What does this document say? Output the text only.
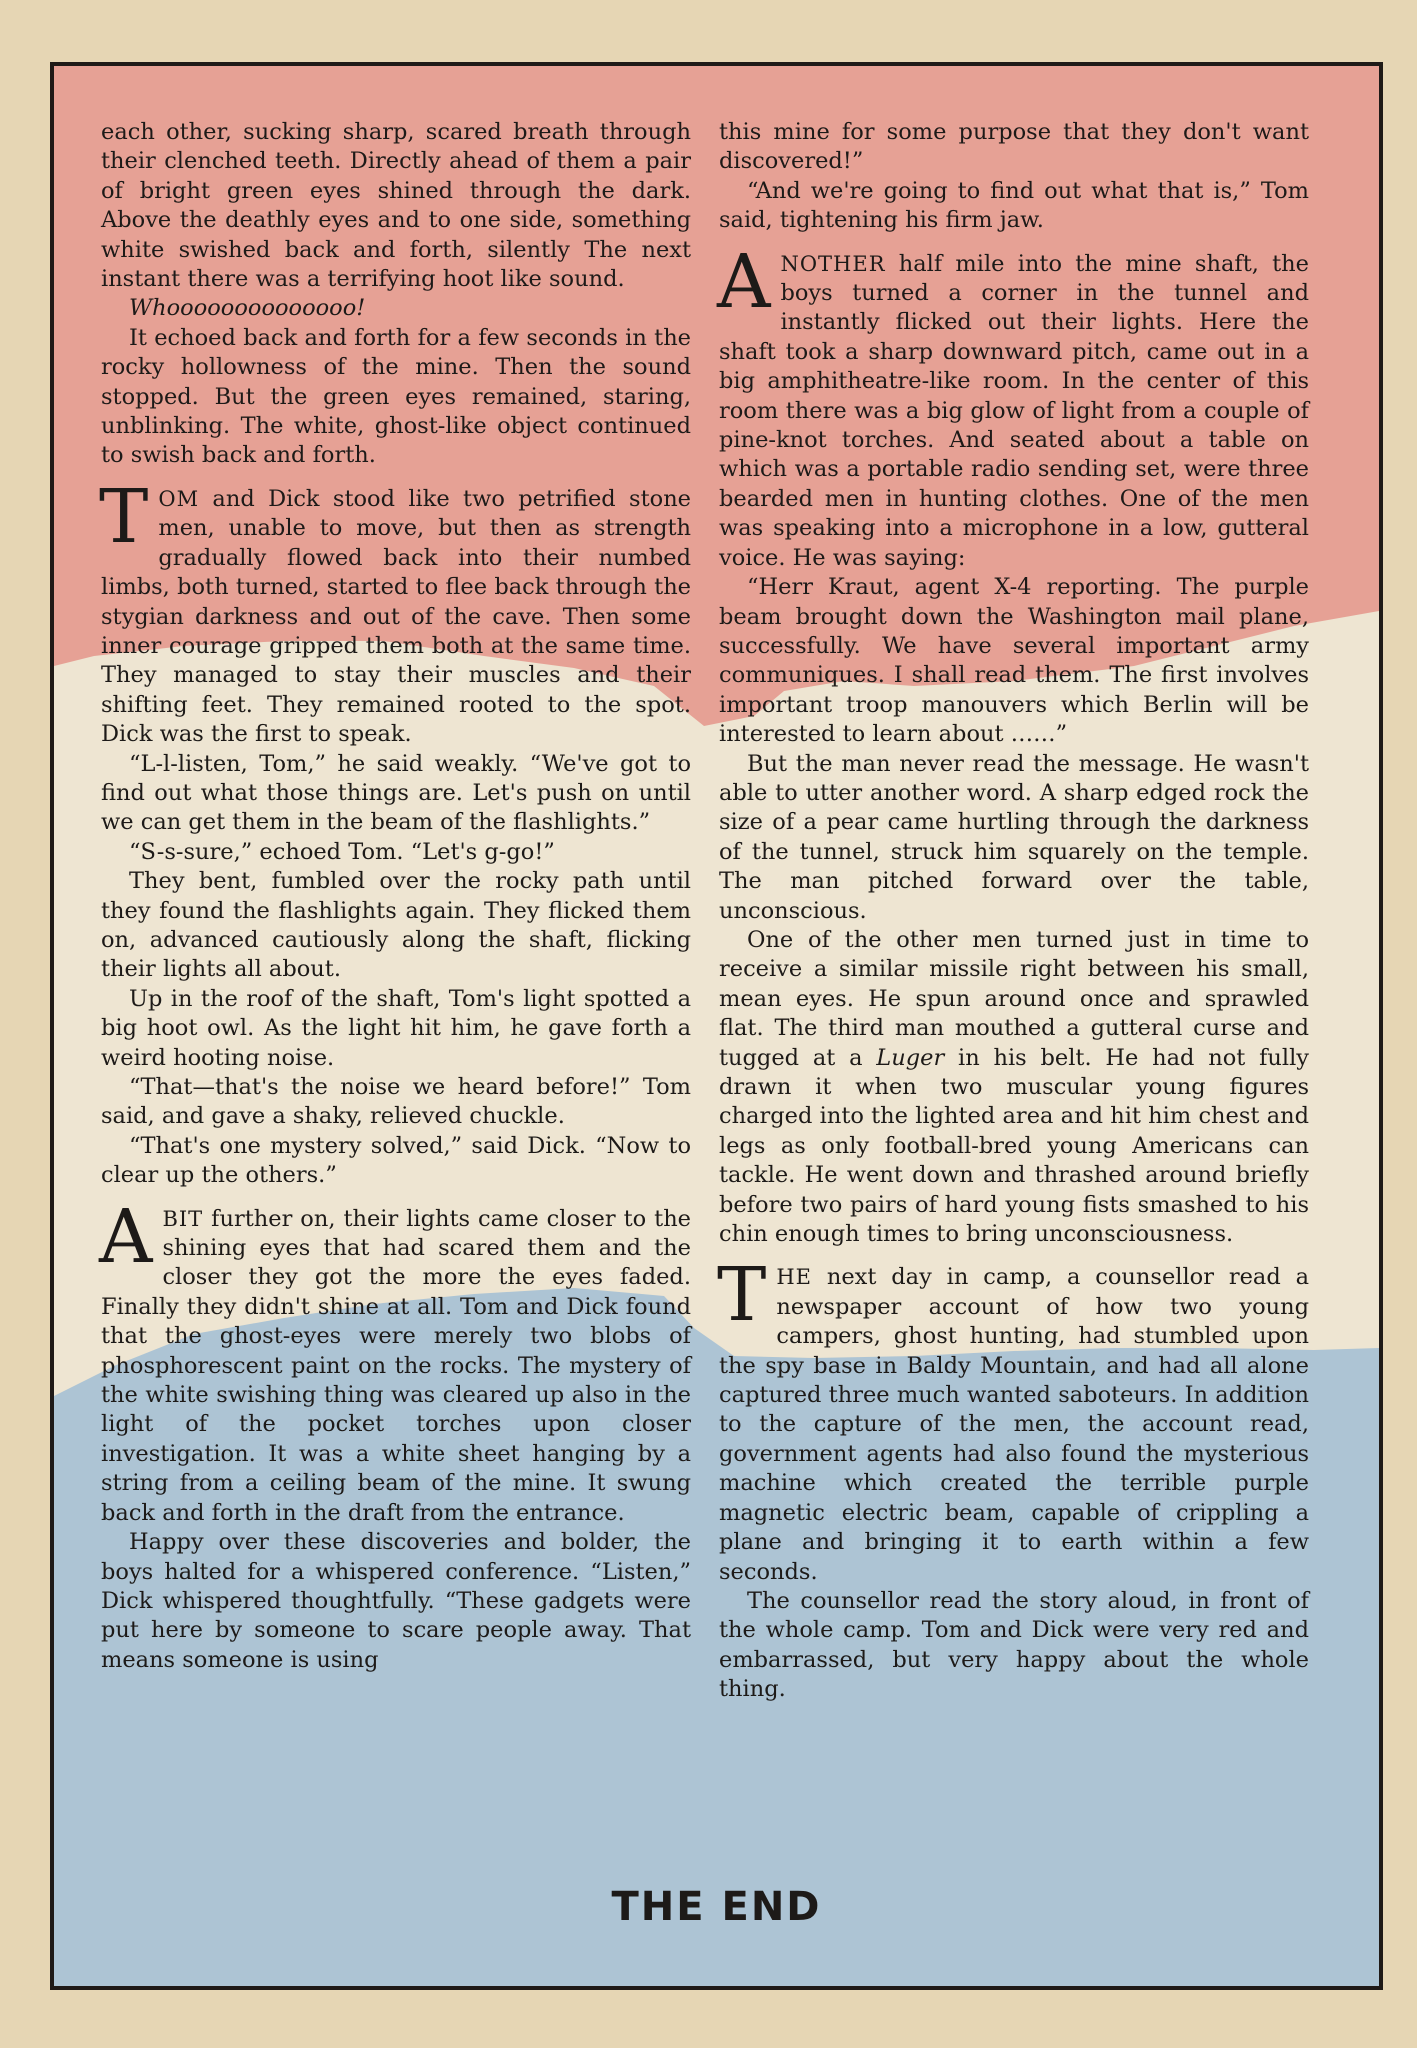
each other, sucking sharp, scared breath through their clenched teeth. Directly ahead of them a pair of bright green eyes shined through the dark. Above the deathly eyes and to one side, something white swished back and forth, silently The next instant there was a terrifying hoot like sound.

Whoooooooooooooo!

It echoed back and forth for a few seconds in the rocky hollowness of the mine. Then the sound stopped. But the green eyes remained, staring, unblinking. The white, ghost-like object continued to swish back and forth.

TOM and Dick stood like two petrified stone men, unable to move, but then as strength gradually flowed back into their numbed limbs, both turned, started to flee back through the stygian darkness and out of the cave. Then some inner courage gripped them both at the same time. They managed to stay their muscles and their shifting feet. They remained rooted to the spot. Dick was the first to speak.

“L-l-listen, Tom,” he said weakly. “We've got to find out what those things are. Let's push on until we can get them in the beam of the flashlights.”

“S-s-sure,” echoed Tom. “Let's g-go!”

They bent, fumbled over the rocky path until they found the flashlights again. They flicked them on, advanced cautiously along the shaft, flicking their lights all about.

Up in the roof of the shaft, Tom's light spotted a big hoot owl. As the light hit him, he gave forth a weird hooting noise.

“That—that's the noise we heard before!” Tom said, and gave a shaky, relieved chuckle.

“That's one mystery solved,” said Dick. “Now to clear up the others.”

ABIT further on, their lights came closer to the shining eyes that had scared them and the closer they got the more the eyes faded. Finally they didn't shine at all. Tom and Dick found that the ghost-eyes were merely two blobs of phosphorescent paint on the rocks. The mystery of the white swishing thing was cleared up also in the light of the pocket torches upon closer investigation. It was a white sheet hanging by a string from a ceiling beam of the mine. It swung back and forth in the draft from the entrance.

Happy over these discoveries and bolder, the boys halted for a whispered conference. “Listen,” Dick whispered thoughtfully. “These gadgets were put here by someone to scare people away. That means someone is using

this mine for some purpose that they don't want discovered!”

“And we're going to find out what that is,” Tom said, tightening his firm jaw.

ANOTHER half mile into the mine shaft, the boys turned a corner in the tunnel and instantly flicked out their lights. Here the shaft took a sharp downward pitch, came out in a big amphitheatre-like room. In the center of this room there was a big glow of light from a couple of pine-knot torches. And seated about a table on which was a portable radio sending set, were three bearded men in hunting clothes. One of the men was speaking into a microphone in a low, gutteral voice. He was saying:

“Herr Kraut, agent X-4 reporting. The purple beam brought down the Washington mail plane, successfully. We have several important army communiques. I shall read them. The first involves important troop manouvers which Berlin will be interested to learn about ……”

But the man never read the message. He wasn't able to utter another word. A sharp edged rock the size of a pear came hurtling through the darkness of the tunnel, struck him squarely on the temple. The man pitched forward over the table, unconscious.

One of the other men turned just in time to receive a similar missile right between his small, mean eyes. He spun around once and sprawled flat. The third man mouthed a gutteral curse and tugged at a Luger in his belt. He had not fully drawn it when two muscular young figures charged into the lighted area and hit him chest and legs as only football-bred young Americans can tackle. He went down and thrashed around briefly before two pairs of hard young fists smashed to his chin enough times to bring unconsciousness.

THE next day in camp, a counsellor read a newspaper account of how two young campers, ghost hunting, had stumbled upon the spy base in Baldy Mountain, and had all alone captured three much wanted saboteurs. In addition to the capture of the men, the account read, government agents had also found the mysterious machine which created the terrible purple magnetic electric beam, capable of crippling a plane and bringing it to earth within a few seconds.

The counsellor read the story aloud, in front of the whole camp. Tom and Dick were very red and embarrassed, but very happy about the whole thing.

THE END
